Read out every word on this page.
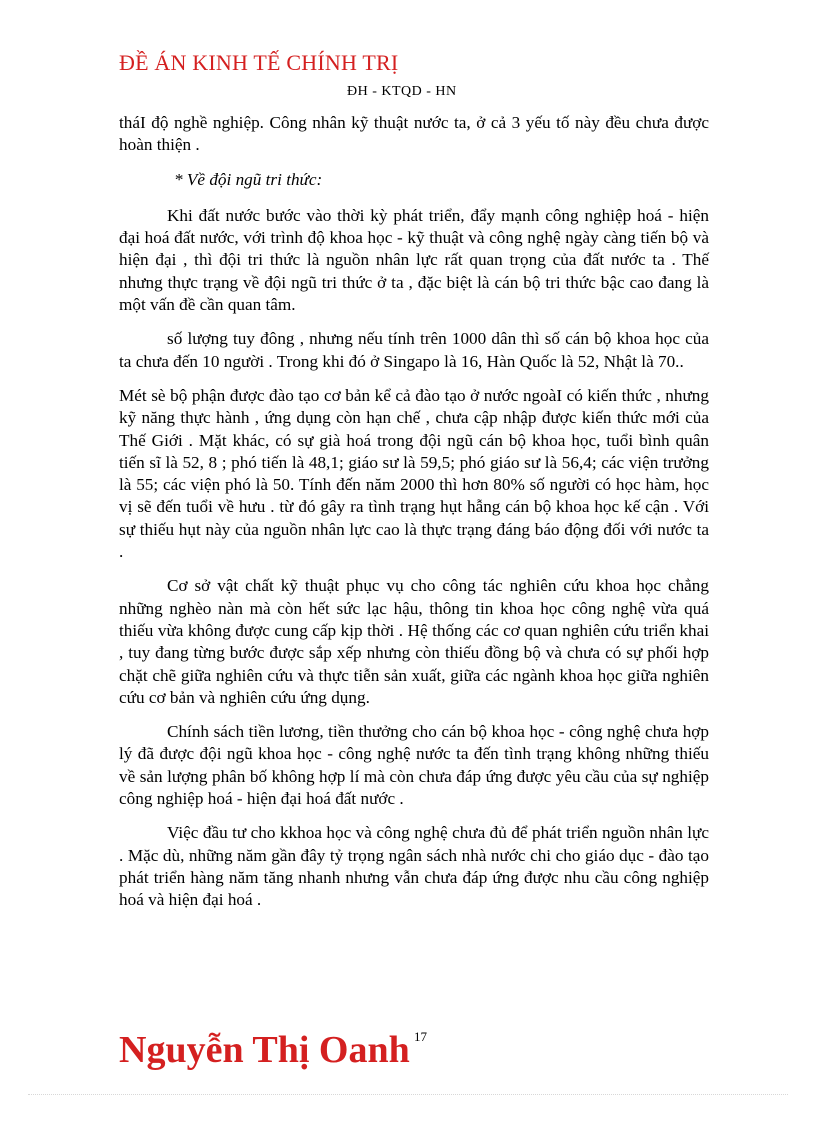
ĐỀ ÁN KINH TẾ CHÍNH TRỊ
ĐH - KTQD - HN

tháI độ nghề nghiệp. Công nhân kỹ thuật nước ta, ở cả 3 yếu tố này đều chưa được hoàn thiện .

* Về đội ngũ tri thức:

Khi đất nước bước vào thời kỳ phát triển, đẩy mạnh công nghiệp hoá - hiện đại hoá đất nước, với trình độ khoa học - kỹ thuật và công nghệ ngày càng tiến bộ và hiện đại , thì đội tri thức là nguồn nhân lực rất quan trọng của đất nước ta . Thế nhưng thực trạng về đội ngũ tri thức ở ta , đặc biệt là cán bộ tri thức bậc cao đang là một vấn đề cần quan tâm.

số lượng tuy đông , nhưng nếu tính trên 1000 dân thì số cán bộ khoa học của ta chưa đến 10 người . Trong khi đó ở Singapo là 16, Hàn Quốc là 52, Nhật là 70..

Mét sè bộ phận được đào tạo cơ bản kể cả đào tạo ở nước ngoàI có kiến thức , nhưng kỹ năng thực hành , ứng dụng còn hạn chế , chưa cập nhập được kiến thức mới của Thế Giới . Mặt khác, có sự già hoá trong đội ngũ cán bộ khoa học, tuổi bình quân tiến sĩ là 52, 8 ; phó tiến là 48,1; giáo sư là 59,5; phó giáo sư là 56,4; các viện trưởng là 55; các viện phó là 50. Tính đến năm 2000 thì hơn 80% số người có học hàm, học vị sẽ đến tuổi về hưu . từ đó gây ra tình trạng hụt hẫng cán bộ khoa học kế cận . Với sự thiếu hụt này của nguồn nhân lực cao là thực trạng đáng báo động đối với nước ta .

Cơ sở vật chất kỹ thuật phục vụ cho công tác nghiên cứu khoa học chẳng những nghèo nàn mà còn hết sức lạc hậu, thông tin khoa học công nghệ vừa quá thiếu vừa không được cung cấp kịp thời . Hệ thống các cơ quan nghiên cứu triển khai , tuy đang từng bước được sắp xếp nhưng còn thiếu đồng bộ và chưa có sự phối hợp chặt chẽ giữa nghiên cứu và thực tiễn sản xuất, giữa các ngành khoa học giữa nghiên cứu cơ bản và nghiên cứu ứng dụng.

Chính sách tiền lương, tiền thưởng cho cán bộ khoa học - công nghệ chưa hợp lý đã được đội ngũ khoa học - công nghệ nước ta đến tình trạng không những thiếu về sản lượng phân bố không hợp lí mà còn chưa đáp ứng được yêu cầu của sự nghiệp công nghiệp hoá - hiện đại hoá đất nước .

Việc đầu tư cho kkhoa học và công nghệ chưa đủ để phát triển nguồn nhân lực . Mặc dù, những năm gần đây tỷ trọng ngân sách nhà nước chi cho giáo dục - đào tạo phát triển hàng năm tăng nhanh nhưng vẫn chưa đáp ứng được nhu cầu công nghiệp hoá và hiện đại hoá .

Nguyễn Thị Oanh 17
